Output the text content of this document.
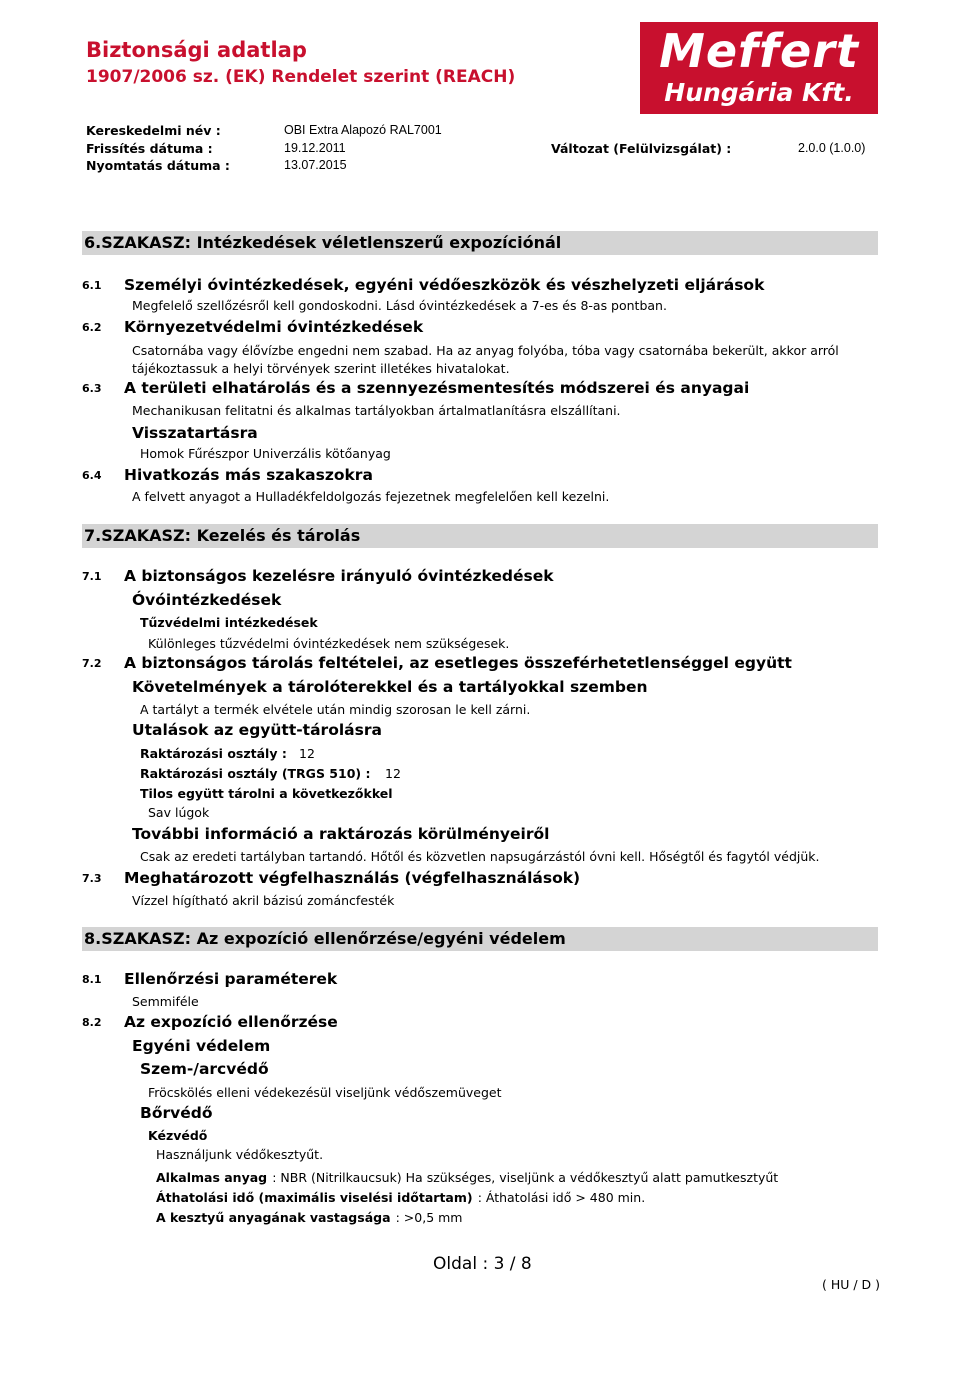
Biztonsági adatlap
1907/2006 sz. (EK) Rendelet szerint (REACH)	Meffert
Hungária Kft.
Kereskedelmi név :	OBI Extra Alapozó RAL7001
Frissítés dátuma :	19.12.2011	Változat (Felülvizsgálat) :	2.0.0 (1.0.0)
Nyomtatás dátuma :	13.07.2015
6.SZAKASZ: Intézkedések véletlenszerű expozíciónál
6.1 Személyi óvintézkedések, egyéni védőeszközök és vészhelyzeti eljárások
Megfelelő szellőzésről kell gondoskodni. Lásd óvintézkedések a 7-es és 8-as pontban.
6.2 Környezetvédelmi óvintézkedések
Csatornába vagy élővízbe engedni nem szabad. Ha az anyag folyóba, tóba vagy csatornába bekerült, akkor arról
tájékoztassuk a helyi törvények szerint illetékes hivatalokat.
6.3 A területi elhatárolás és a szennyezésmentesítés módszerei és anyagai
Mechanikusan felitatni és alkalmas tartályokban ártalmatlanításra elszállítani.
Visszatartásra
Homok Fűrészpor Univerzális kötőanyag
6.4 Hivatkozás más szakaszokra
A felvett anyagot a Hulladékfeldolgozás fejezetnek megfelelően kell kezelni.
7.SZAKASZ: Kezelés és tárolás
7.1 A biztonságos kezelésre irányuló óvintézkedések
Óvóintézkedések
Tűzvédelmi intézkedések
Különleges tűzvédelmi óvintézkedések nem szükségesek.
7.2 A biztonságos tárolás feltételei, az esetleges összeférhetetlenséggel együtt
Követelmények a tárolóterekkel és a tartályokkal szemben
A tartályt a termék elvétele után mindig szorosan le kell zárni.
Utalások az együtt-tárolásra
Raktározási osztály : 12
Raktározási osztály (TRGS 510) : 12
Tilos együtt tárolni a következőkkel
Sav lúgok
További információ a raktározás körülményeiről
Csak az eredeti tartályban tartandó. Hőtől és közvetlen napsugárzástól óvni kell. Hőségtől és fagytól védjük.
7.3 Meghatározott végfelhasználás (végfelhasználások)
Vízzel hígítható akril bázisú zománcfesték
8.SZAKASZ: Az expozíció ellenőrzése/egyéni védelem
8.1 Ellenőrzési paraméterek
Semmiféle
8.2 Az expozíció ellenőrzése
Egyéni védelem
Szem-/arcvédő
Fröcskölés elleni védekezésül viseljünk védőszemüveget
Bőrvédő
Kézvédő
Használjunk védőkesztyűt.
Alkalmas anyag : NBR (Nitrilkaucsuk) Ha szükséges, viseljünk a védőkesztyű alatt pamutkesztyűt
Áthatolási idő (maximális viselési időtartam) : Áthatolási idő > 480 min.
A kesztyű anyagának vastagsága : >0,5 mm
Oldal : 3 / 8
( HU / D )
